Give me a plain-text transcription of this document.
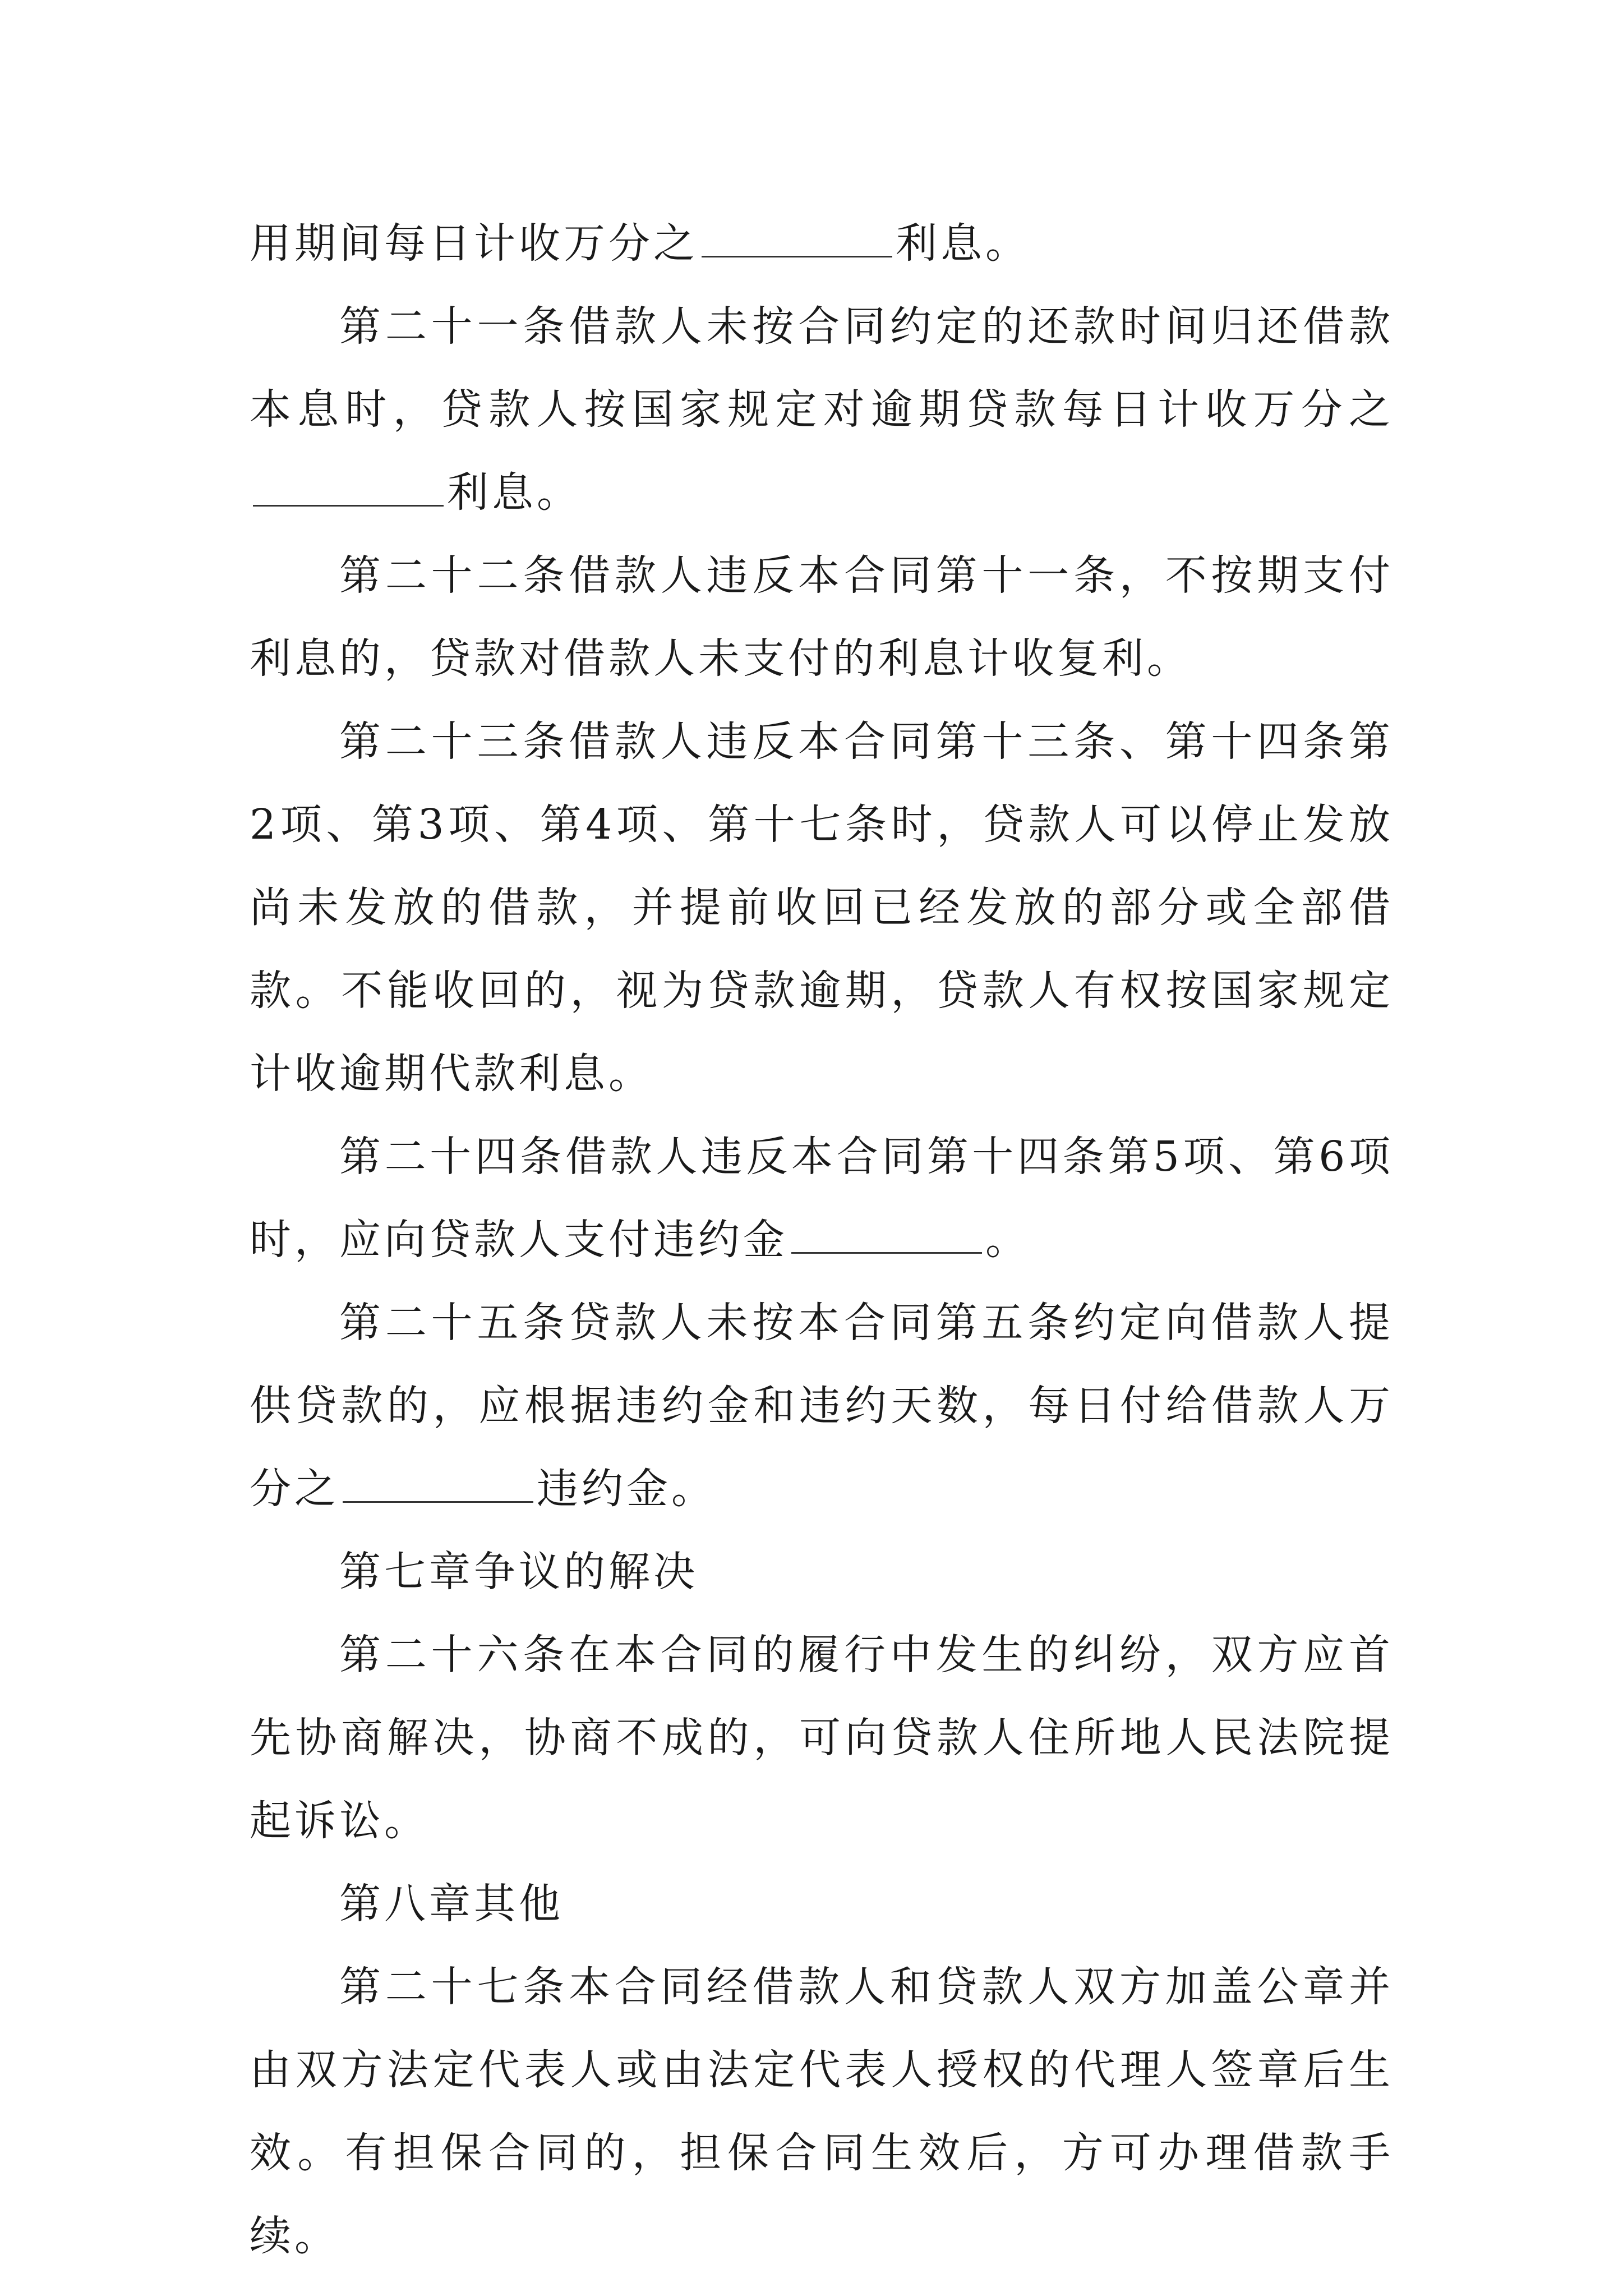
用期间每日计收万分之	利息。

第二十一条借款人未按合同约定的还款时间归还借款本息时，贷款人按国家规定对逾期贷款每日计收万分之利息。

第二十二条借款人违反本合同第十一条，不按期支付利息的，贷款对借款人未支付的利息计收复利。

第二十三条借款人违反本合同第十三条、第十四条第2项、第3项、第4项、第十七条时，贷款人可以停止发放尚未发放的借款，并提前收回已经发放的部分或全部借款。不能收回的，视为贷款逾期，贷款人有权按国家规定计收逾期代款利息。

第二十四条借款人违反本合同第十四条第5项、第6项时，应向贷款人支付违约金	。

第二十五条贷款人未按本合同第五条约定向借款人提供贷款的，应根据违约金和违约天数，每日付给借款人万分之	违约金。

第七章争议的解决

第二十六条在本合同的履行中发生的纠纷，双方应首先协商解决，协商不成的，可向贷款人住所地人民法院提起诉讼。

第八章其他

第二十七条本合同经借款人和贷款人双方加盖公章并由双方法定代表人或由法定代表人授权的代理人签章后生效。有担保合同的，担保合同生效后，方可办理借款手续。
